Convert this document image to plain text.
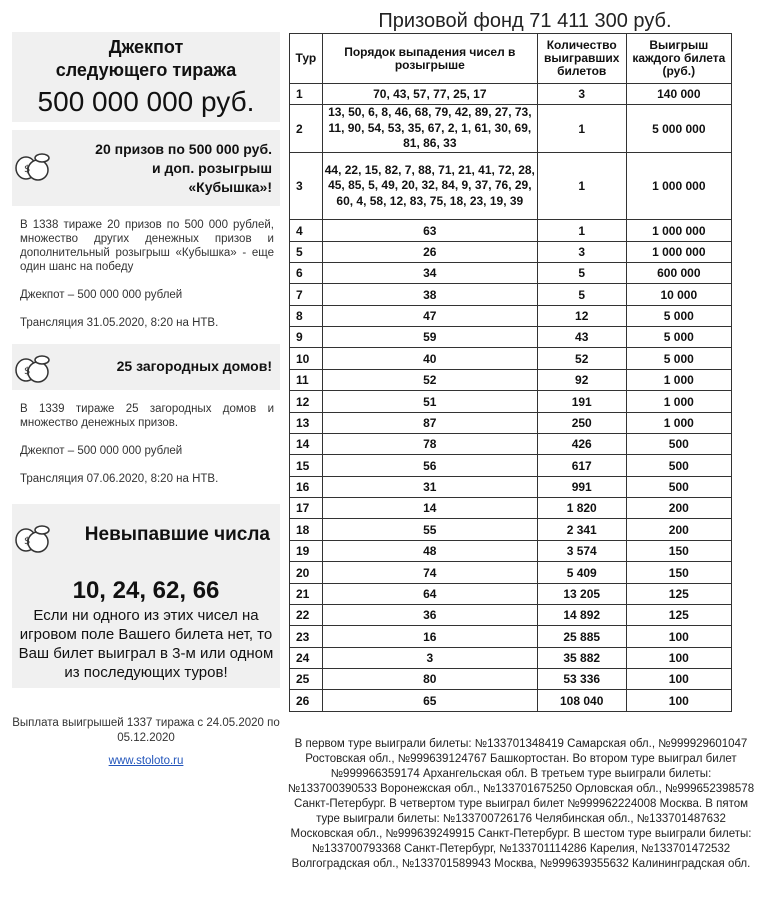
Призовой фонд 71 411 300 руб.
Джекпот
следующего тиража
500 000 000 руб.
$
20 призов по 500 000 руб.
и доп. розыгрыш
«Кубышка»!

В 1338 тираже 20 призов по 500 000 рублей, множество других денежных призов и дополнительный розыгрыш «Кубышка» - еще один шанс на победу

Джекпот – 500 000 000 рублей

Трансляция 31.05.2020, 8:20 на НТВ.

$	25 загородных домов!

В 1339 тираже 25 загородных домов и множество денежных призов.

Джекпот – 500 000 000 рублей

Трансляция 07.06.2020, 8:20 на НТВ.

$	Невыпавшие числа
10, 24, 62, 66
Если ни одного из этих чисел на игровом поле Вашего билета нет, то Ваш билет выиграл в 3-м или одном из последующих туров!
Выплата выигрышей 1337 тиража с 24.05.2020 по 05.12.2020
www.stoloto.ru
Тур	Порядок выпадения чисел в розыгрыше	Количество выигравших билетов	Выигрыш каждого билета (руб.)
1	70, 43, 57, 77, 25, 17	3	140 000
2	13, 50, 6, 8, 46, 68, 79, 42, 89, 27, 73, 11, 90, 54, 53, 35, 67, 2, 1, 61, 30, 69, 81, 86, 33	1	5 000 000
3	44, 22, 15, 82, 7, 88, 71, 21, 41, 72, 28, 45, 85, 5, 49, 20, 32, 84, 9, 37, 76, 29, 60, 4, 58, 12, 83, 75, 18, 23, 19, 39	1	1 000 000
4	63	1	1 000 000
5	26	3	1 000 000
6	34	5	600 000
7	38	5	10 000
8	47	12	5 000
9	59	43	5 000
10	40	52	5 000
11	52	92	1 000
12	51	191	1 000
13	87	250	1 000
14	78	426	500
15	56	617	500
16	31	991	500
17	14	1 820	200
18	55	2 341	200
19	48	3 574	150
20	74	5 409	150
21	64	13 205	125
22	36	14 892	125
23	16	25 885	100
24	3	35 882	100
25	80	53 336	100
26	65	108 040	100
В первом туре выиграли билеты: №133701348419 Самарская обл., №999929601047 Ростовская обл., №999639124767 Башкортостан. Во втором туре выиграл билет №999966359174 Архангельская обл. В третьем туре выиграли билеты: №133700390533 Воронежская обл., №133701675250 Орловская обл., №999652398578 Санкт-Петербург. В четвертом туре выиграл билет №999962224008 Москва. В пятом туре выиграли билеты: №133700726176 Челябинская обл., №133701487632 Московская обл., №999639249915 Санкт-Петербург. В шестом туре выиграли билеты: №133700793368 Санкт-Петербург, №133701114286 Карелия, №133701472532 Волгоградская обл., №133701589943 Москва, №999639355632 Калининградская обл.
